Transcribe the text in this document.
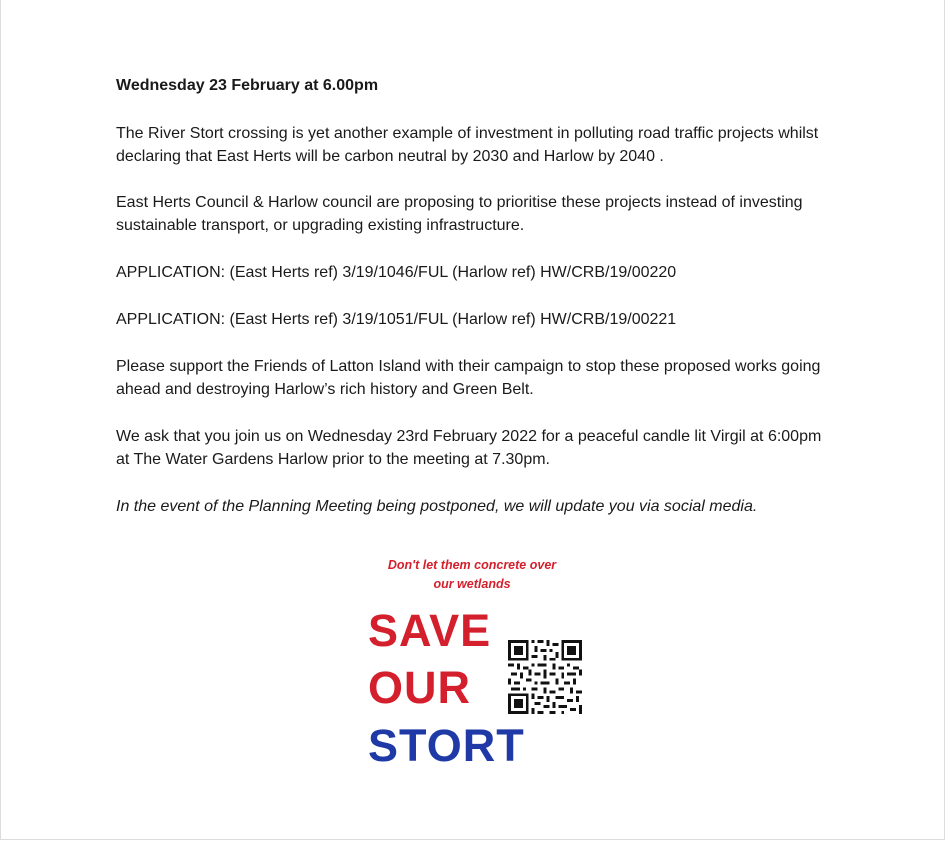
Wednesday 23 February at 6.00pm

The River Stort crossing is yet another example of investment in polluting road traffic projects whilst declaring that East Herts will be carbon neutral by 2030 and Harlow by 2040 .

East Herts Council & Harlow council are proposing to prioritise these projects instead of investing sustainable transport, or upgrading existing infrastructure.

APPLICATION: (East Herts ref) 3/19/1046/FUL (Harlow ref) HW/CRB/19/00220

APPLICATION: (East Herts ref) 3/19/1051/FUL (Harlow ref) HW/CRB/19/00221

Please support the Friends of Latton Island with their campaign to stop these proposed works going ahead and destroying Harlow’s rich history and Green Belt.

We ask that you join us on Wednesday 23rd February 2022 for a peaceful candle lit Virgil at 6:00pm at The Water Gardens Harlow prior to the meeting at 7.30pm.

In the event of the Planning Meeting being postponed, we will update you via social media.

Don't let them concrete over
our wetlands
SAVE
OUR
STORT
